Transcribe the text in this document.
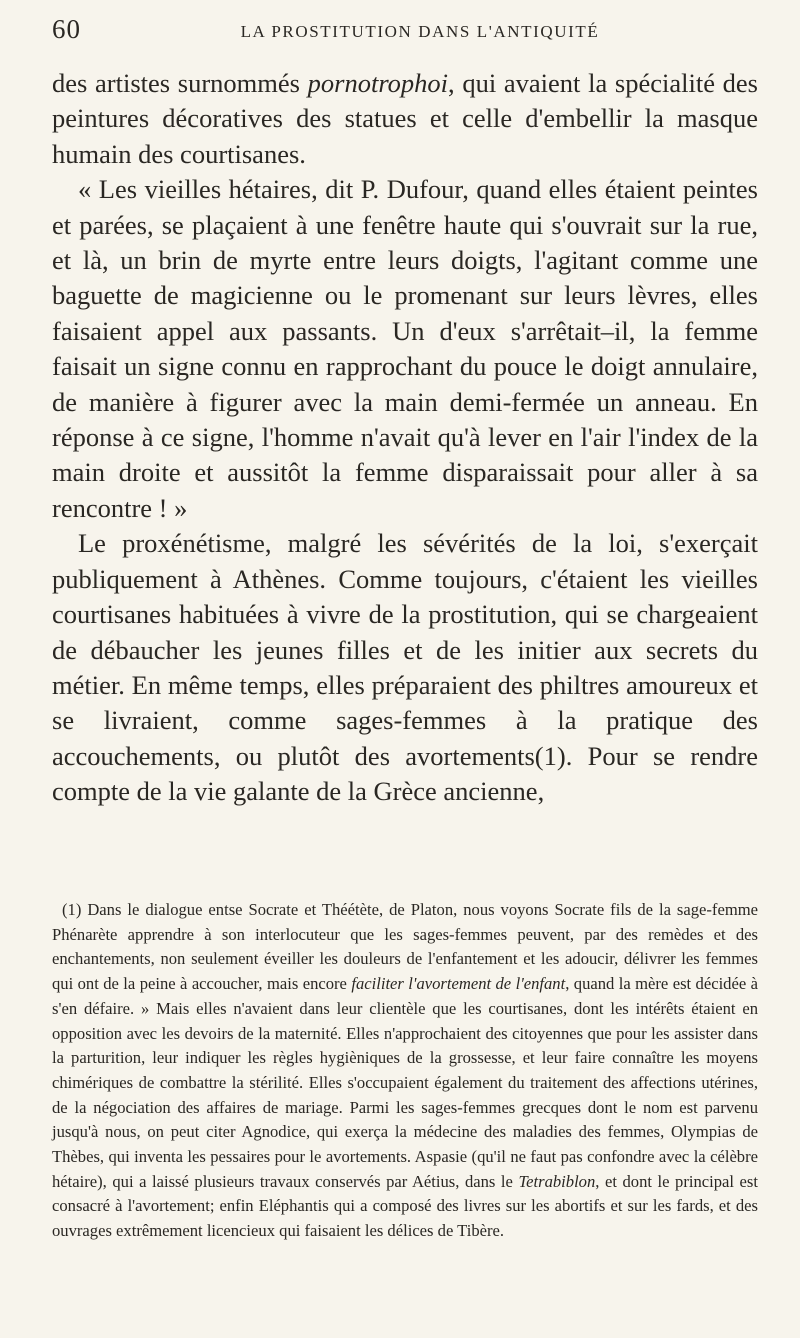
60	LA PROSTITUTION DANS L'ANTIQUITÉ

des artistes surnommés pornotrophoi, qui avaient la spécialité des peintures décoratives des statues et celle d'embellir la masque humain des courtisanes.

« Les vieilles hétaires, dit P. Dufour, quand elles étaient peintes et parées, se plaçaient à une fenêtre haute qui s'ouvrait sur la rue, et là, un brin de myrte entre leurs doigts, l'agitant comme une baguette de magicienne ou le promenant sur leurs lèvres, elles faisaient appel aux passants. Un d'eux s'arrêtait–il, la femme faisait un signe connu en rapprochant du pouce le doigt annulaire, de manière à figurer avec la main demi-fermée un anneau. En réponse à ce signe, l'homme n'avait qu'à lever en l'air l'index de la main droite et aussitôt la femme disparaissait pour aller à sa rencontre ! »

Le proxénétisme, malgré les sévérités de la loi, s'exerçait publiquement à Athènes. Comme toujours, c'étaient les vieilles courtisanes habituées à vivre de la prostitution, qui se chargeaient de débaucher les jeunes filles et de les initier aux secrets du métier. En même temps, elles préparaient des philtres amoureux et se livraient, comme sages-femmes à la pratique des accouchements, ou plutôt des avortements(1). Pour se rendre compte de la vie galante de la Grèce ancienne,

(1) Dans le dialogue entse Socrate et Théétète, de Platon, nous voyons Socrate fils de la sage-femme Phénarète apprendre à son interlocuteur que les sages-femmes peuvent, par des remèdes et des enchantements, non seulement éveiller les douleurs de l'enfantement et les adoucir, délivrer les femmes qui ont de la peine à accoucher, mais encore faciliter l'avortement de l'enfant, quand la mère est décidée à s'en défaire. » Mais elles n'avaient dans leur clientèle que les courtisanes, dont les intérêts étaient en opposition avec les devoirs de la maternité. Elles n'approchaient des citoyennes que pour les assister dans la parturition, leur indiquer les règles hygièniques de la grossesse, et leur faire connaître les moyens chimériques de combattre la stérilité. Elles s'occupaient également du traitement des affections utérines, de la négociation des affaires de mariage. Parmi les sages-femmes grecques dont le nom est parvenu jusqu'à nous, on peut citer Agnodice, qui exerça la médecine des maladies des femmes, Olympias de Thèbes, qui inventa les pessaires pour le avortements. Aspasie (qu'il ne faut pas confondre avec la célèbre hétaire), qui a laissé plusieurs travaux conservés par Aétius, dans le Tetrabiblon, et dont le principal est consacré à l'avortement; enfin Eléphantis qui a composé des livres sur les abortifs et sur les fards, et des ouvrages extrêmement licencieux qui faisaient les délices de Tibère.
